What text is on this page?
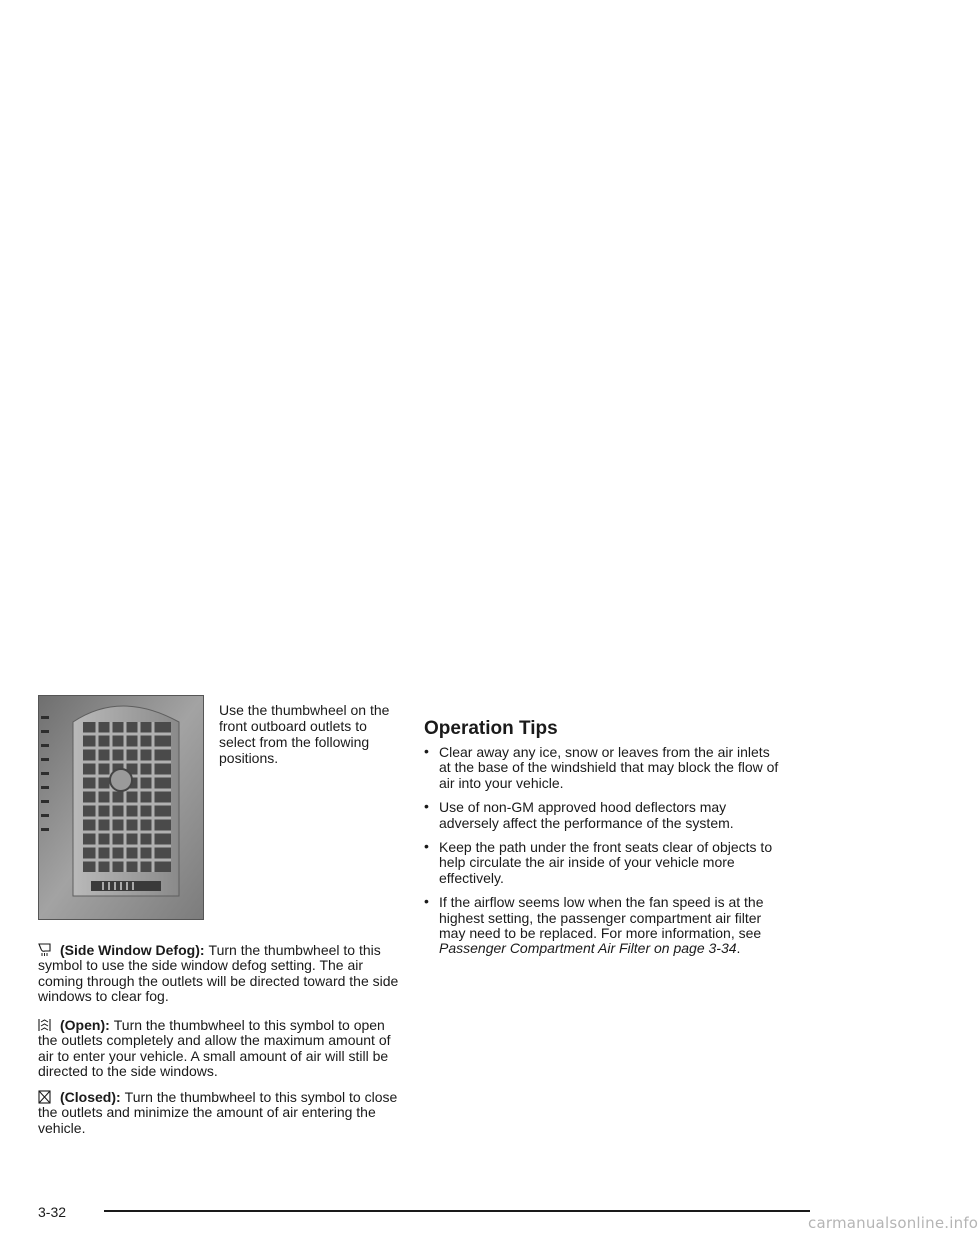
Use the thumbwheel on the front outboard outlets to select from the following positions.

(Side Window Defog): Turn the thumbwheel to this symbol to use the side window defog setting. The air coming through the outlets will be directed toward the side windows to clear fog.

(Open): Turn the thumbwheel to this symbol to open the outlets completely and allow the maximum amount of air to enter your vehicle. A small amount of air will still be directed to the side windows.

(Closed): Turn the thumbwheel to this symbol to close the outlets and minimize the amount of air entering the vehicle.

Operation Tips
• Clear away any ice, snow or leaves from the air inlets at the base of the windshield that may block the flow of air into your vehicle.
• Use of non-GM approved hood deflectors may adversely affect the performance of the system.
• Keep the path under the front seats clear of objects to help circulate the air inside of your vehicle more effectively.
• If the airflow seems low when the fan speed is at the highest setting, the passenger compartment air filter may need to be replaced. For more information, see Passenger Compartment Air Filter on page 3-34.

3-32

carmanualsonline.info
